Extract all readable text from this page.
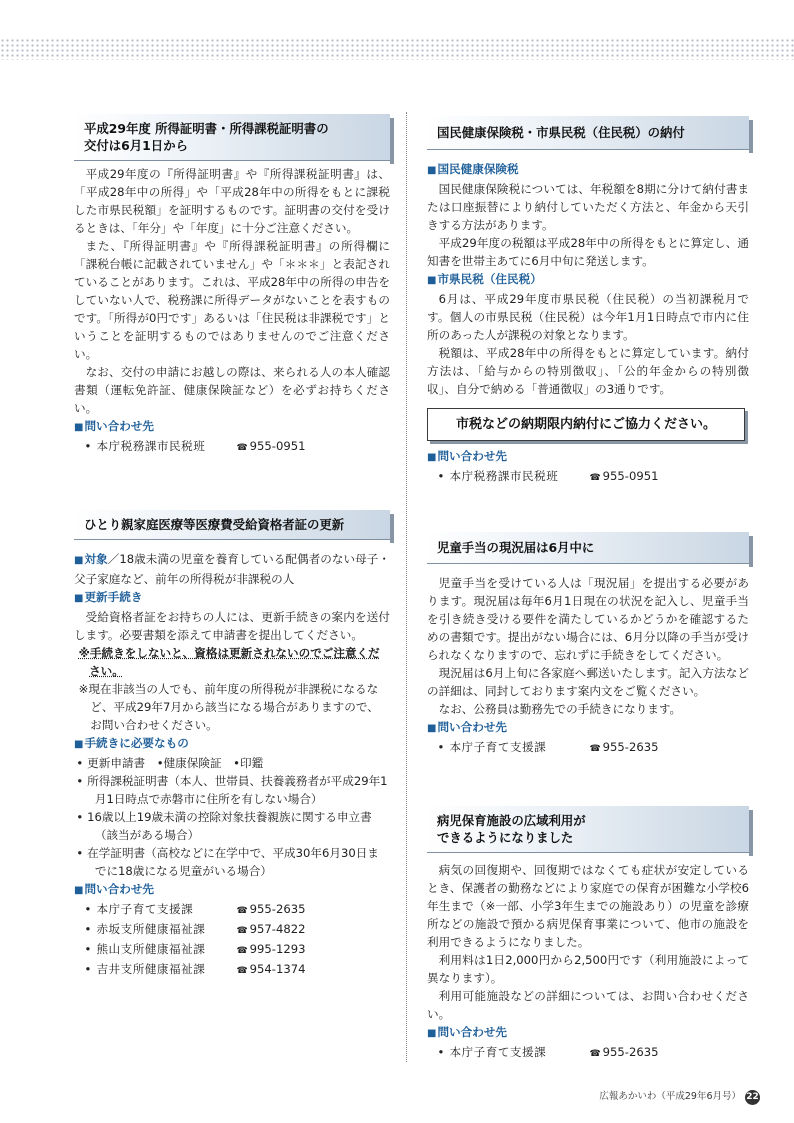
平成29年度 所得証明書・所得課税証明書の
交付は6月1日から

平成29年度の『所得証明書』や『所得課税証明書』は、「平成28年中の所得」や「平成28年中の所得をもとに課税した市県民税額」を証明するものです。証明書の交付を受けるときは、「年分」や「年度」に十分ご注意ください。

また、『所得証明書』や『所得課税証明書』の所得欄に「課税台帳に記載されていません」や「＊＊＊」と表記されていることがあります。これは、平成28年中の所得の申告をしていない人で、税務課に所得データがないことを表すものです。「所得が0円です」あるいは「住民税は非課税です」ということを証明するものではありませんのでご注意ください。

なお、交付の申請にお越しの際は、来られる人の本人確認書類（運転免許証、健康保険証など）を必ずお持ちください。

■ 問い合わせ先

• 本庁税務課市民税班	☎ 955-0951
ひとり親家庭医療等医療費受給資格者証の更新

■ 対象／18歳未満の児童を養育している配偶者のない母子・父子家庭など、前年の所得税が非課税の人

■ 更新手続き

受給資格者証をお持ちの人には、更新手続きの案内を送付します。必要書類を添えて申請書を提出してください。

※手続きをしないと、資格は更新されないのでご注意ください。

※現在非該当の人でも、前年度の所得税が非課税になるなど、平成29年7月から該当になる場合がありますので、お問い合わせください。

■ 手続きに必要なもの

• 更新申請書　•健康保険証　•印鑑

• 所得課税証明書（本人、世帯員、扶養義務者が平成29年1月1日時点で赤磐市に住所を有しない場合）

• 16歳以上19歳未満の控除対象扶養親族に関する申立書（該当がある場合）

• 在学証明書（高校などに在学中で、平成30年6月30日までに18歳になる児童がいる場合）

■ 問い合わせ先

• 本庁子育て支援課	☎ 955-2635
• 赤坂支所健康福祉課	☎ 957-4822
• 熊山支所健康福祉課	☎ 995-1293
• 吉井支所健康福祉課	☎ 954-1374
国民健康保険税・市県民税（住民税）の納付

■ 国民健康保険税

国民健康保険税については、年税額を8期に分けて納付書または口座振替により納付していただく方法と、年金から天引きする方法があります。

平成29年度の税額は平成28年中の所得をもとに算定し、通知書を世帯主あてに6月中旬に発送します。

■ 市県民税（住民税）

6月は、平成29年度市県民税（住民税）の当初課税月です。個人の市県民税（住民税）は今年1月1日時点で市内に住所のあった人が課税の対象となります。

税額は、平成28年中の所得をもとに算定しています。納付方法は、「給与からの特別徴収」、「公的年金からの特別徴収」、自分で納める「普通徴収」の3通りです。

市税などの納期限内納付にご協力ください。

■ 問い合わせ先

• 本庁税務課市民税班	☎ 955-0951
児童手当の現況届は6月中に

児童手当を受けている人は「現況届」を提出する必要があります。現況届は毎年6月1日現在の状況を記入し、児童手当を引き続き受ける要件を満たしているかどうかを確認するための書類です。提出がない場合には、6月分以降の手当が受けられなくなりますので、忘れずに手続きをしてください。

現況届は6月上旬に各家庭へ郵送いたします。記入方法などの詳細は、同封しております案内文をご覧ください。

なお、公務員は勤務先での手続きになります。

■ 問い合わせ先

• 本庁子育て支援課	☎ 955-2635
病児保育施設の広域利用が
できるようになりました

病気の回復期や、回復期ではなくても症状が安定しているとき、保護者の勤務などにより家庭での保育が困難な小学校6年生まで（※一部、小学3年生までの施設あり）の児童を診療所などの施設で預かる病児保育事業について、他市の施設を利用できるようになりました。

利用料は1日2,000円から2,500円です（利用施設によって異なります）。

利用可能施設などの詳細については、お問い合わせください。

■ 問い合わせ先

• 本庁子育て支援課	☎ 955-2635
広報あかいわ（平成29年6月号） 22
